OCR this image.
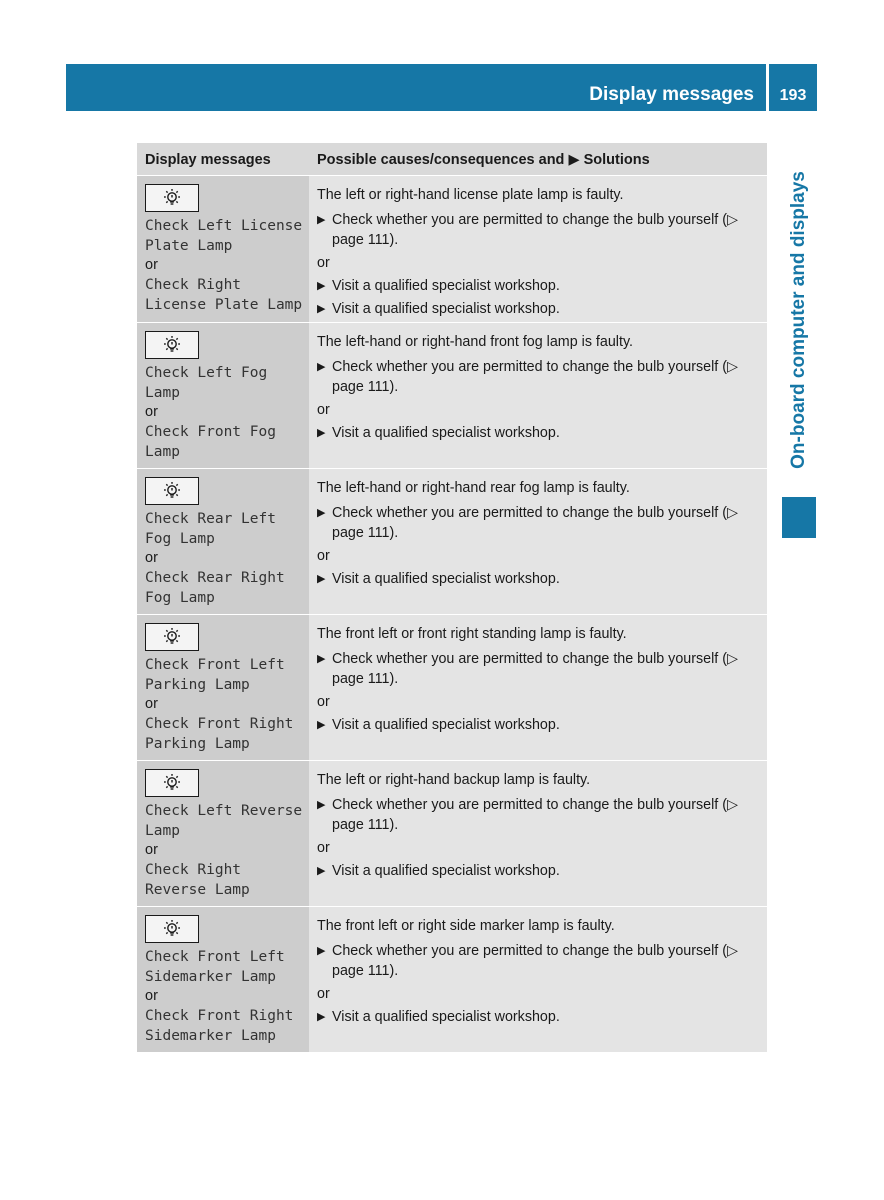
Display messages	193
On-board computer and displays
Display messages	Possible causes/consequences and ▶ Solutions
Check Left License
Plate Lamp
or
Check Right
License Plate Lamp
The left or right-hand license plate lamp is faulty.
▶ Check whether you are permitted to change the bulb yourself (▷ page 111).
or
▶ Visit a qualified specialist workshop.
▶ Visit a qualified specialist workshop.
Check Left Fog Lamp
or
Check Front Fog
Lamp
The left-hand or right-hand front fog lamp is faulty.
▶ Check whether you are permitted to change the bulb yourself (▷ page 111).
or
▶ Visit a qualified specialist workshop.
Check Rear Left
Fog Lamp
or
Check Rear Right
Fog Lamp
The left-hand or right-hand rear fog lamp is faulty.
▶ Check whether you are permitted to change the bulb yourself (▷ page 111).
or
▶ Visit a qualified specialist workshop.
Check Front Left
Parking Lamp
or
Check Front Right
Parking Lamp
The front left or front right standing lamp is faulty.
▶ Check whether you are permitted to change the bulb yourself (▷ page 111).
or
▶ Visit a qualified specialist workshop.
Check Left Reverse
Lamp
or
Check Right
Reverse Lamp
The left or right-hand backup lamp is faulty.
▶ Check whether you are permitted to change the bulb yourself (▷ page 111).
or
▶ Visit a qualified specialist workshop.
Check Front Left
Sidemarker Lamp
or
Check Front Right
Sidemarker Lamp
The front left or right side marker lamp is faulty.
▶ Check whether you are permitted to change the bulb yourself (▷ page 111).
or
▶ Visit a qualified specialist workshop.
